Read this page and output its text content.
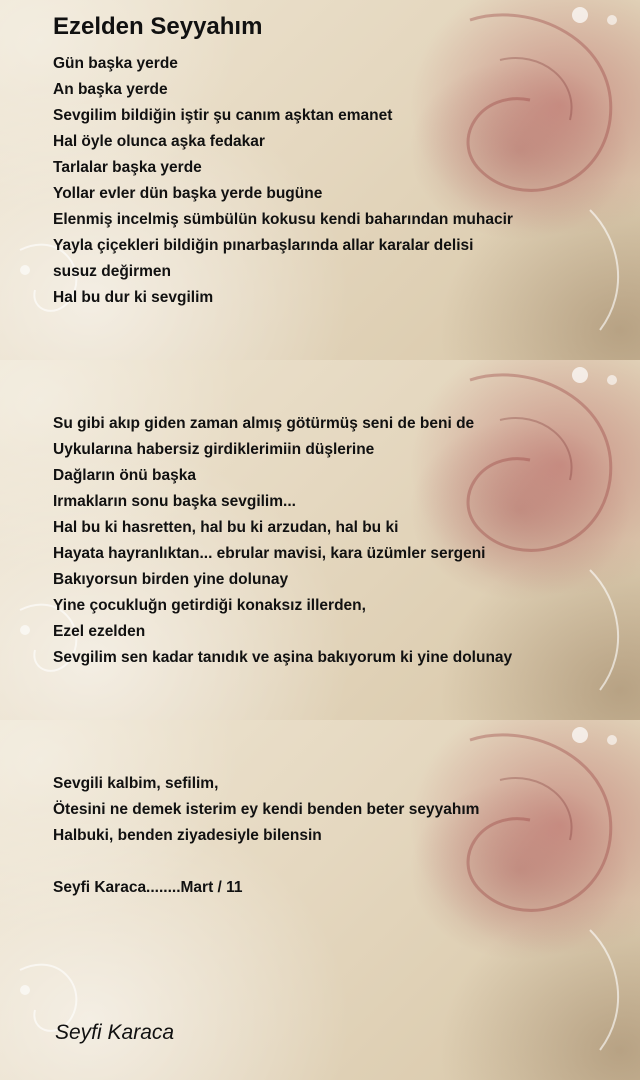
Ezelden Seyyahım
Gün başka yerde
An başka yerde
Sevgilim bildiğin iştir şu canım aşktan emanet
Hal öyle olunca aşka fedakar
Tarlalar başka yerde
Yollar evler dün başka yerde bugüne
Elenmiş incelmiş sümbülün kokusu kendi baharından muhacir
Yayla çiçekleri bildiğin pınarbaşlarında allar karalar delisi
susuz değirmen
Hal bu dur ki sevgilim
Su gibi akıp giden zaman almış götürmüş seni de beni de
Uykularına habersiz girdiklerimiin düşlerine
Dağların önü başka
Irmakların sonu başka sevgilim...
Hal bu ki hasretten, hal bu ki arzudan, hal bu ki
Hayata hayranlıktan... ebrular mavisi, kara üzümler sergeni
Bakıyorsun birden yine dolunay
Yine çocukluğn getirdiği konaksız illerden,
Ezel ezelden
Sevgilim sen kadar tanıdık ve aşina bakıyorum ki yine dolunay
Sevgili kalbim, sefilim,
Ötesini ne demek isterim ey kendi benden beter seyyahım
Halbuki, benden ziyadesiyle bilensin
Seyfi Karaca........Mart / 11
Seyfi Karaca
